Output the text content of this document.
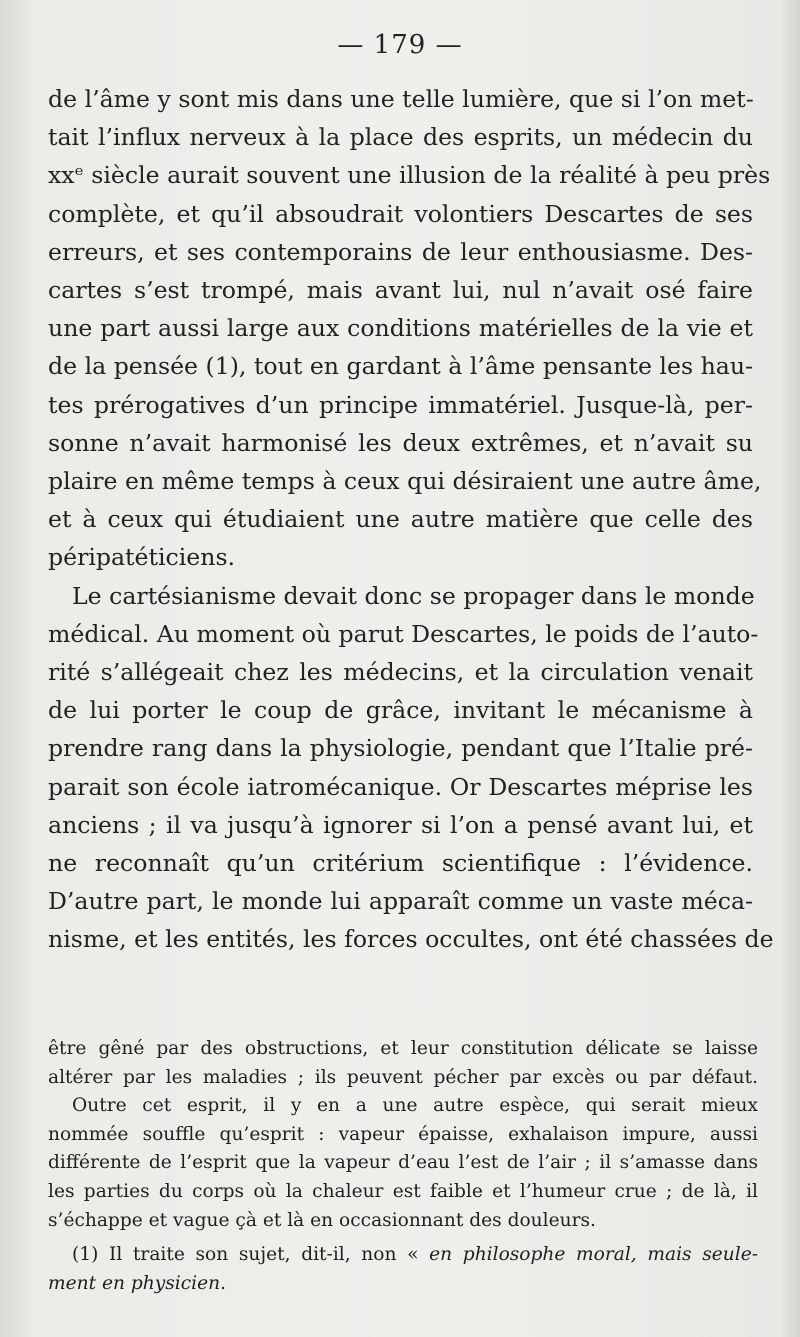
— 179 —
de l’âme y sont mis dans une telle lumière, que si l’on met-
tait l’influx nerveux à la place des esprits, un médecin du
xxᵉ siècle aurait souvent une illusion de la réalité à peu près
complète, et qu’il absoudrait volontiers Descartes de ses
erreurs, et ses contemporains de leur enthousiasme. Des-
cartes s’est trompé, mais avant lui, nul n’avait osé faire
une part aussi large aux conditions matérielles de la vie et
de la pensée (1), tout en gardant à l’âme pensante les hau-
tes prérogatives d’un principe immatériel. Jusque-là, per-
sonne n’avait harmonisé les deux extrêmes, et n’avait su
plaire en même temps à ceux qui désiraient une autre âme,
et à ceux qui étudiaient une autre matière que celle des
péripatéticiens.
Le cartésianisme devait donc se propager dans le monde
médical. Au moment où parut Descartes, le poids de l’auto-
rité s’allégeait chez les médecins, et la circulation venait
de lui porter le coup de grâce, invitant le mécanisme à
prendre rang dans la physiologie, pendant que l’Italie pré-
parait son école iatromécanique. Or Descartes méprise les
anciens ; il va jusqu’à ignorer si l’on a pensé avant lui, et
ne reconnaît qu’un critérium scientifique : l’évidence.
D’autre part, le monde lui apparaît comme un vaste méca-
nisme, et les entités, les forces occultes, ont été chassées de
être gêné par des obstructions, et leur constitution délicate se laisse
altérer par les maladies ; ils peuvent pécher par excès ou par défaut.
Outre cet esprit, il y en a une autre espèce, qui serait mieux
nommée souffle qu’esprit : vapeur épaisse, exhalaison impure, aussi
différente de l’esprit que la vapeur d’eau l’est de l’air ; il s’amasse dans
les parties du corps où la chaleur est faible et l’humeur crue ; de là, il
s’échappe et vague çà et là en occasionnant des douleurs.
(1) Il traite son sujet, dit-il, non « en philosophe moral, mais seule-
ment en physicien.
